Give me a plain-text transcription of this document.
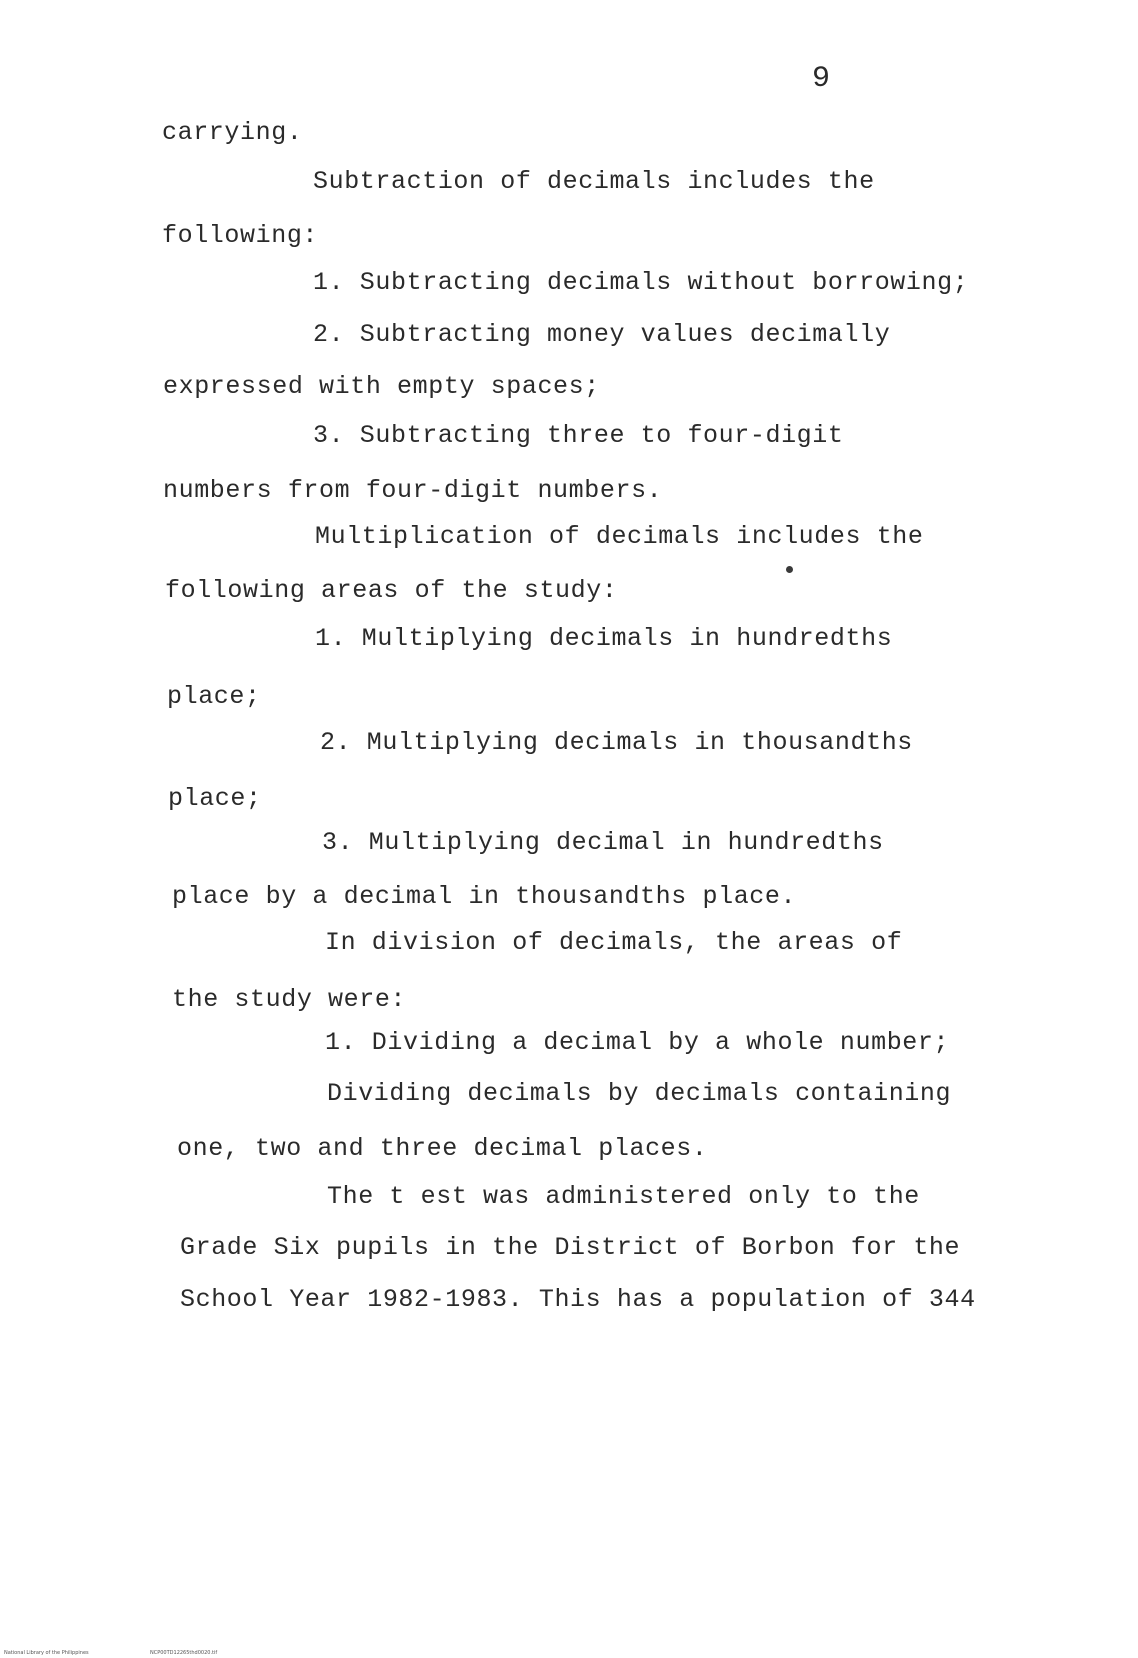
9
carrying.
Subtraction of decimals includes the
following:
1. Subtracting decimals without borrowing;
2. Subtracting money values decimally
expressed with empty spaces;
3. Subtracting three to four-digit
numbers from four-digit numbers.
Multiplication of decimals includes the
following areas of the study:
1. Multiplying decimals in hundredths
place;
2. Multiplying decimals in thousandths
place;
3. Multiplying decimal in hundredths
place by a decimal in thousandths place.
In division of decimals, the areas of
the study were:
1. Dividing a decimal by a whole number;
Dividing decimals by decimals containing
one, two and three decimal places.
The t est was administered only to the
Grade Six pupils in the District of Borbon for the
School Year 1982-1983. This has a population of 344
National Library of the Philippines	NCP00TD12265thd0020.tif
